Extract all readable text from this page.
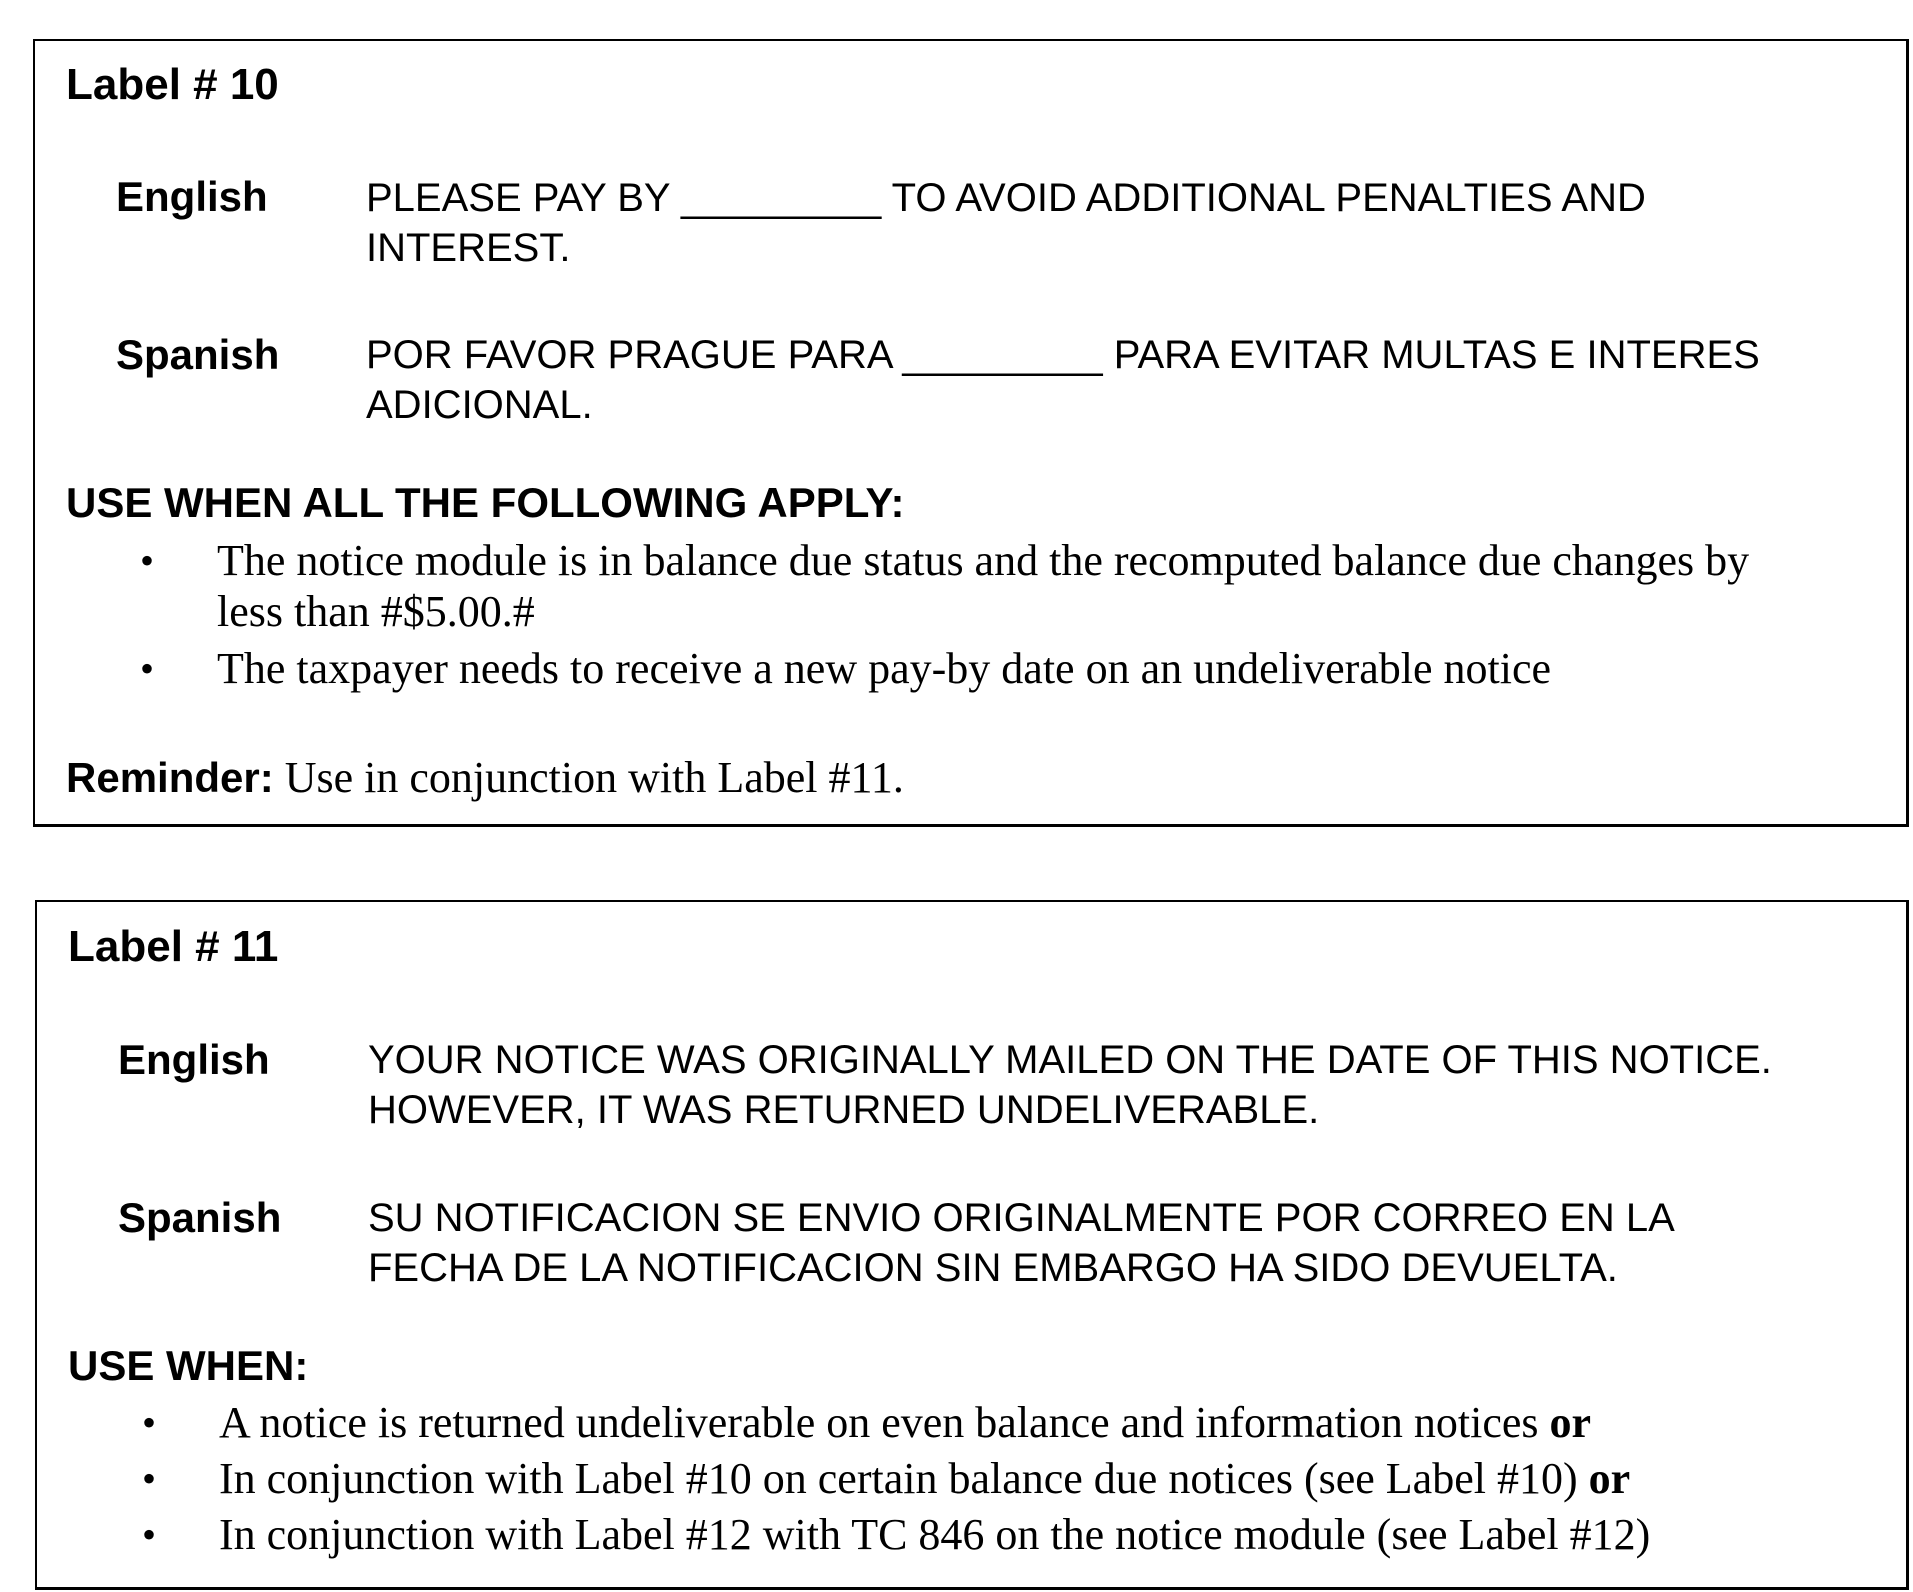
Label # 10
English PLEASE PAY BY _________ TO AVOID ADDITIONAL PENALTIES AND
INTEREST.
Spanish POR FAVOR PRAGUE PARA _________ PARA EVITAR MULTAS E INTERES
ADICIONAL.
USE WHEN ALL THE FOLLOWING APPLY:
• The notice module is in balance due status and the recomputed balance due changes by
less than #$5.00.#
• The taxpayer needs to receive a new pay-by date on an undeliverable notice
Reminder: Use in conjunction with Label #11.
Label # 11
English YOUR NOTICE WAS ORIGINALLY MAILED ON THE DATE OF THIS NOTICE.
HOWEVER, IT WAS RETURNED UNDELIVERABLE.
Spanish SU NOTIFICACION SE ENVIO ORIGINALMENTE POR CORREO EN LA
FECHA DE LA NOTIFICACION SIN EMBARGO HA SIDO DEVUELTA.
USE WHEN:
• A notice is returned undeliverable on even balance and information notices or
• In conjunction with Label #10 on certain balance due notices (see Label #10) or
• In conjunction with Label #12 with TC 846 on the notice module (see Label #12)
